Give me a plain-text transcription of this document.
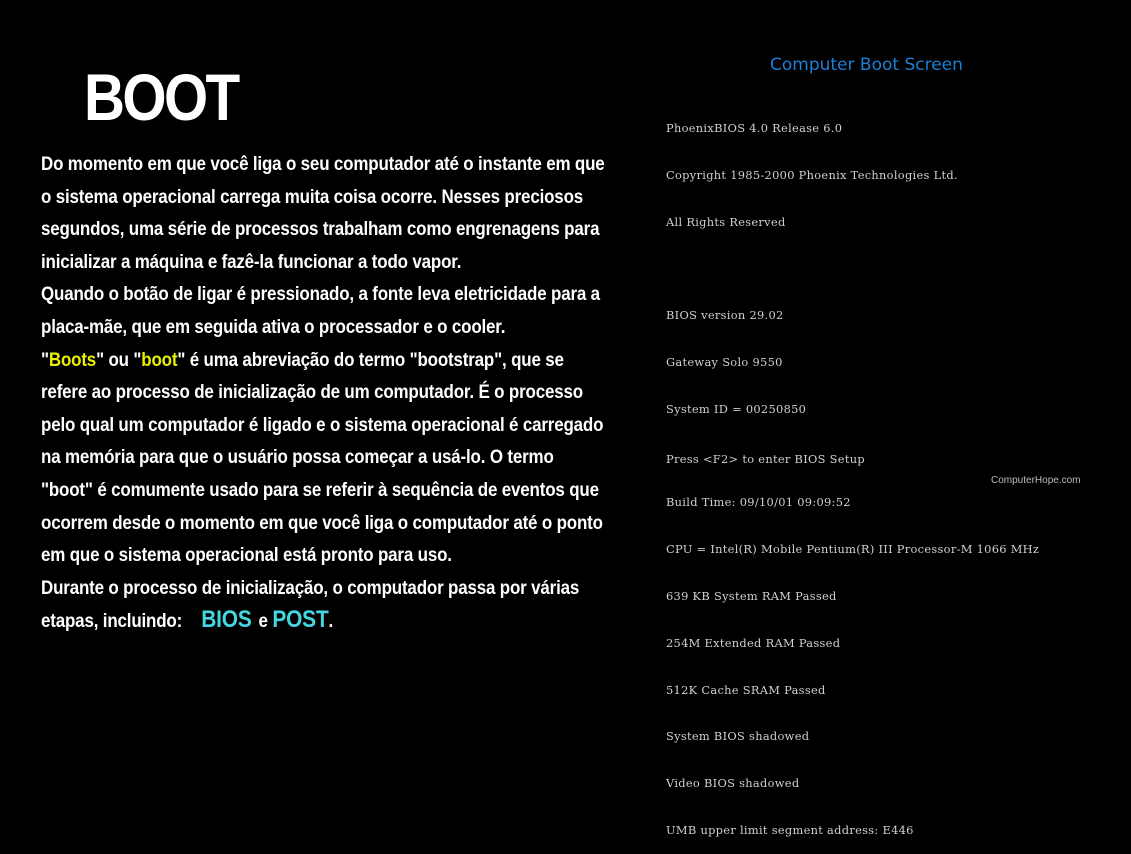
BOOT

Do momento em que você liga o seu computador até o instante em que o sistema operacional carrega muita coisa ocorre. Nesses preciosos segundos, uma série de processos trabalham como engrenagens para inicializar a máquina e fazê-la funcionar a todo vapor.

Quando o botão de ligar é pressionado, a fonte leva eletricidade para a placa-mãe, que em seguida ativa o processador e o cooler.

"Boots" ou "boot" é uma abreviação do termo "bootstrap", que se refere ao processo de inicialização de um computador. É o processo pelo qual um computador é ligado e o sistema operacional é carregado na memória para que o usuário possa começar a usá-lo. O termo "boot" é comumente usado para se referir à sequência de eventos que ocorrem desde o momento em que você liga o computador até o ponto em que o sistema operacional está pronto para uso.

Durante o processo de inicialização, o computador passa por várias etapas, incluindo: BIOS e POST.

Computer Boot Screen

PhoenixBIOS 4.0 Release 6.0

Copyright 1985-2000 Phoenix Technologies Ltd.

All Rights Reserved

BIOS version 29.02

Gateway Solo 9550

System ID = 00250850

Build Time: 09/10/01 09:09:52

CPU = Intel(R) Mobile Pentium(R) III Processor-M 1066 MHz

639 KB System RAM Passed

254M Extended RAM Passed

512K Cache SRAM Passed

System BIOS shadowed

Video BIOS shadowed

UMB upper limit segment address: E446

Press <F2> to enter BIOS Setup
ComputerHope.com
